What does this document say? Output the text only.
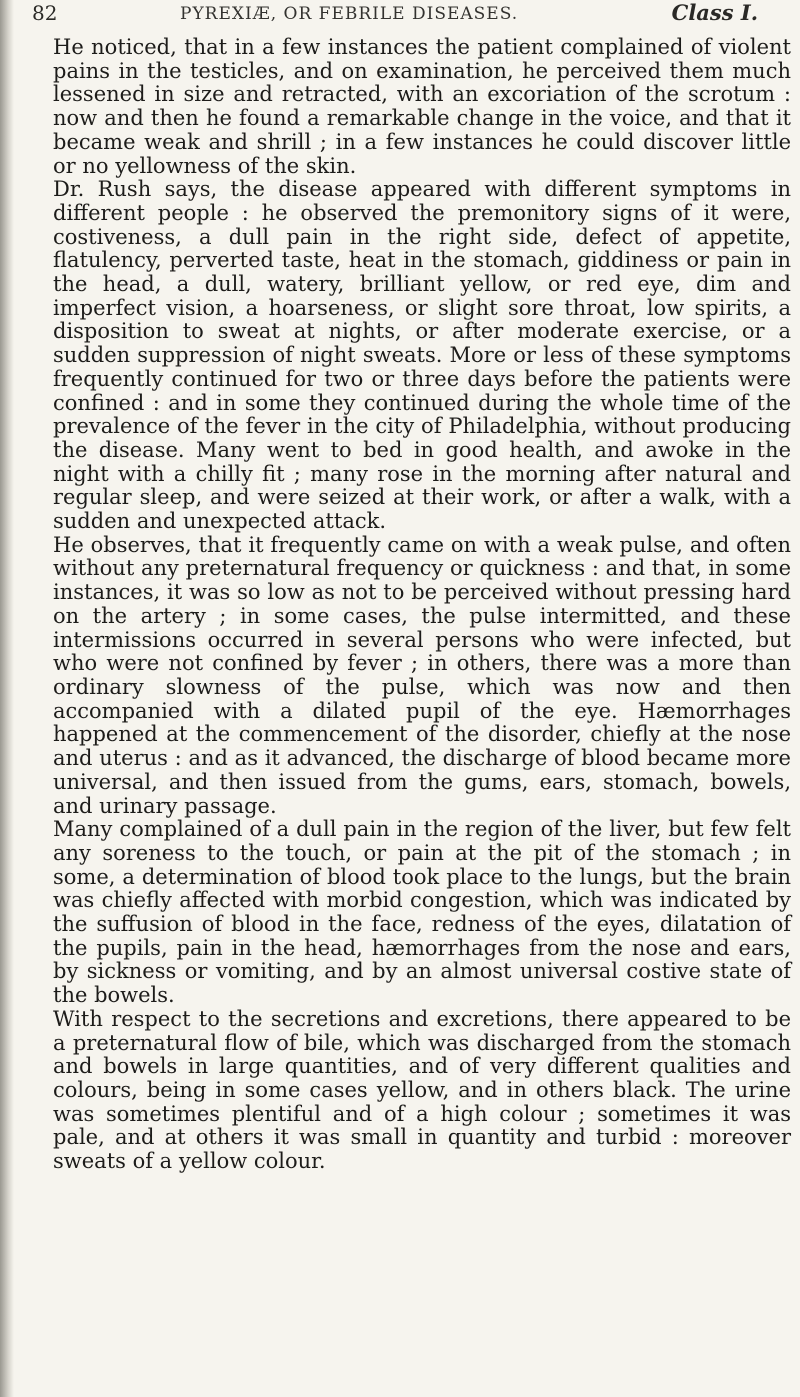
82	PYREXIÆ, OR FEBRILE DISEASES.	Class I.

He noticed, that in a few instances the patient complained of violent pains in the testicles, and on examination, he perceived them much lessened in size and retracted, with an excoriation of the scrotum : now and then he found a remarkable change in the voice, and that it became weak and shrill ; in a few instances he could discover little or no yellowness of the skin.

Dr. Rush says, the disease appeared with different symptoms in different people : he observed the premonitory signs of it were, costiveness, a dull pain in the right side, defect of appetite, flatulency, perverted taste, heat in the stomach, giddiness or pain in the head, a dull, watery, brilliant yellow, or red eye, dim and imperfect vision, a hoarseness, or slight sore throat, low spirits, a disposition to sweat at nights, or after moderate exercise, or a sudden suppression of night sweats. More or less of these symptoms frequently continued for two or three days before the patients were confined : and in some they continued during the whole time of the prevalence of the fever in the city of Philadelphia, without producing the disease. Many went to bed in good health, and awoke in the night with a chilly fit ; many rose in the morning after natural and regular sleep, and were seized at their work, or after a walk, with a sudden and unexpected attack.

He observes, that it frequently came on with a weak pulse, and often without any preternatural frequency or quickness : and that, in some instances, it was so low as not to be perceived without pressing hard on the artery ; in some cases, the pulse intermitted, and these intermissions occurred in several persons who were infected, but who were not confined by fever ; in others, there was a more than ordinary slowness of the pulse, which was now and then accompanied with a dilated pupil of the eye. Hæmorrhages happened at the commencement of the disorder, chiefly at the nose and uterus : and as it advanced, the discharge of blood became more universal, and then issued from the gums, ears, stomach, bowels, and urinary passage.

Many complained of a dull pain in the region of the liver, but few felt any soreness to the touch, or pain at the pit of the stomach ; in some, a determination of blood took place to the lungs, but the brain was chiefly affected with morbid congestion, which was indicated by the suffusion of blood in the face, redness of the eyes, dilatation of the pupils, pain in the head, hæmorrhages from the nose and ears, by sickness or vomiting, and by an almost universal costive state of the bowels.

With respect to the secretions and excretions, there appeared to be a preternatural flow of bile, which was discharged from the stomach and bowels in large quantities, and of very different qualities and colours, being in some cases yellow, and in others black. The urine was sometimes plentiful and of a high colour ; sometimes it was pale, and at others it was small in quantity and turbid : moreover sweats of a yellow colour.
